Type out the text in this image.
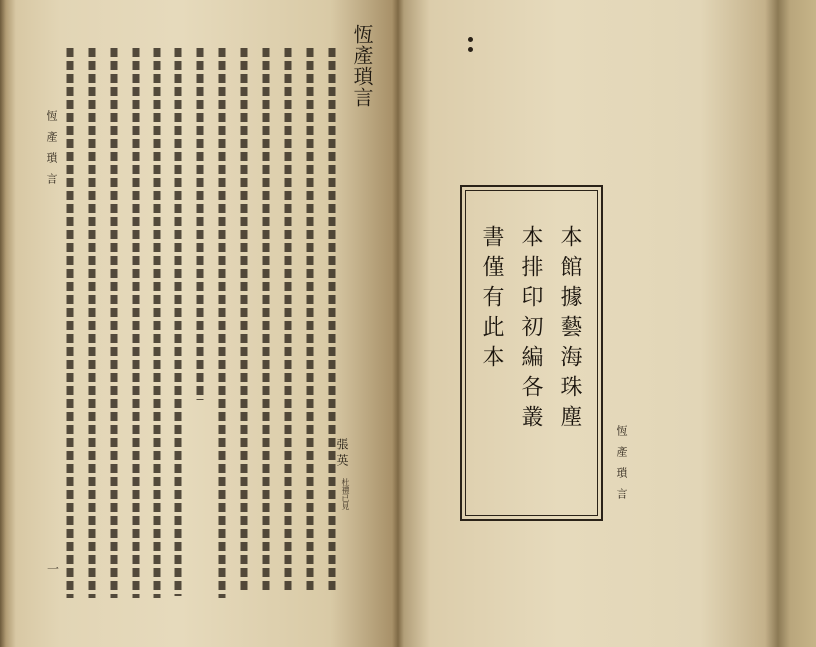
恆產瑣言
張英
杜禮已見
恆產瑣言
一
本館據藝海珠塵
本排印初編各叢
書僅有此本
恆產瑣言
